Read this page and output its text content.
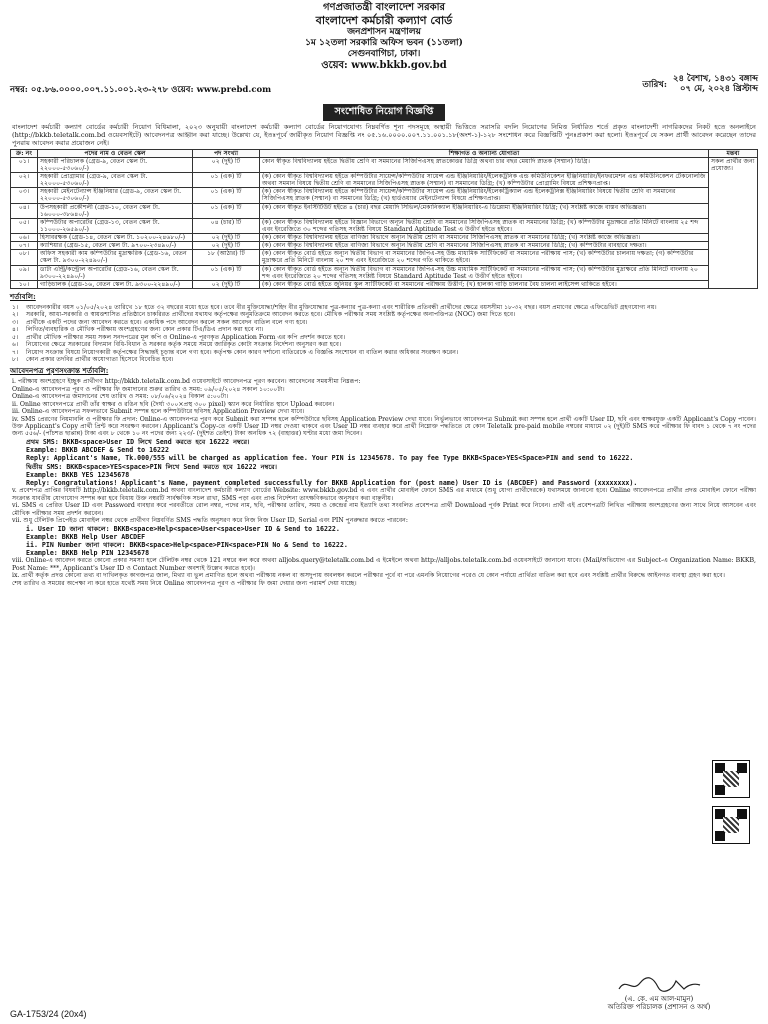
গণপ্রজাতন্ত্রী বাংলাদেশ সরকার
বাংলাদেশ কর্মচারী কল্যাণ বোর্ড
জনপ্রশাসন মন্ত্রণালয়
১ম ১২তলা সরকারি অফিস ভবন (১১তলা)
সেগুনবাগিচা, ঢাকা।
ওয়েব: www.bkkb.gov.bd
নম্বর: ০৫.৮৬.০০০০.০০৭.১১.০০১.২৩-২৭৮ ওয়েব: www.prebd.com	তারিখ:
২৪ বৈশাখ, ১৪৩১ বঙ্গাব্দ
০৭ মে, ২০২৪ খ্রিস্টাব্দ
সংশোধিত নিয়োগ বিজ্ঞপ্তি
বাংলাদেশ কর্মচারী কল্যাণ বোর্ডের কর্মচারী নিয়োগ বিধিমালা, ২০২৩ অনুযায়ী বাংলাদেশ কর্মচারী কল্যাণ বোর্ডের নিয়োগযোগ্য নিম্নবর্ণিত শূন্য পদসমূহে অস্থায়ী ভিত্তিতে সরাসরি বদলি নিয়োগের নিমিত্ত নির্ধারিত শর্তে প্রকৃত বাংলাদেশী নাগরিকদের নিকট হতে অনলাইনে (http://bkkb.teletalk.com.bd ওয়েবসাইটে) আবেদনপত্র আহ্বান করা যাচ্ছে। উল্লেখ্য যে, ইতঃপূর্বে জারীকৃত নিয়োগ বিজ্ঞপ্তি নং ০৫.১৬.০০০০.০০৭.১১.০০১.১৮(অংশ-১)-১২৮ সংশোধন করে বিজ্ঞপ্তিটি পুনঃপ্রকাশ করা হলো। ইতঃপূর্বে যে সকল প্রার্থী আবেদন করেছেন তাদের পুনরায় আবেদন করার প্রয়োজন নেই।
ক্র: নং	পদের নাম ও বেতন স্কেল	পদ সংখ্যা	শিক্ষাগত ও অন্যান্য যোগ্যতা	মন্তব্য
০১।	সহকারী পরিচালক (গ্রেড-৯, বেতন স্কেল টা. ২২০০০-৫৩০৬০/-)	০২ (দুই) টি	কোন স্বীকৃত বিশ্ববিদ্যালয় হইতে দ্বিতীয় শ্রেণি বা সমমানের সিজিপিএসহ স্নাতকোত্তর ডিগ্রি অথবা চার বছর মেয়াদি স্নাতক (সম্মান) ডিগ্রি।	সকল প্রার্থীর জন্য প্রযোজ্য।
০২।	সহকারী প্রোগ্রামার (গ্রেড-৯, বেতন স্কেল টা. ২২০০০-৫৩০৬০/-)	০১ (এক) টি	(ক) কোন স্বীকৃত বিশ্ববিদ্যালয় হইতে কম্পিউটার সায়েন্স/কম্পিউটার সায়েন্স এন্ড ইঞ্জিনিয়ারিং/ইলেকট্রনিক এন্ড কমিউনিকেশন ইঞ্জিনিয়ারিং/ইনফরমেশন এন্ড কমিউনিকেশন টেকনোলজি অথবা সমমান বিষয়ে দ্বিতীয় শ্রেণি বা সমমানের সিজিপিএসহ স্নাতক (সম্মান) বা সমমানের ডিগ্রি; (খ) কম্পিউটার প্রোগ্রামিং বিষয়ে প্রশিক্ষণপ্রাপ্ত।	
০৩।	সহকারী মেইনটেন্যান্স ইঞ্জিনিয়ার (গ্রেড-৯, বেতন স্কেল টা. ২২০০০-৫৩০৬০/-)	০১ (এক) টি	(ক) কোন স্বীকৃত বিশ্ববিদ্যালয় হইতে কম্পিউটার সায়েন্স/কম্পিউটার সায়েন্স এন্ড ইঞ্জিনিয়ারিং/ইলেকট্রিক্যাল এন্ড ইলেকট্রনিক্স ইঞ্জিনিয়ারিং বিষয়ে দ্বিতীয় শ্রেণি বা সমমানের সিজিপিএসহ স্নাতক (সম্মান) বা সমমানের ডিগ্রি; (খ) হার্ডওয়্যার মেইনটেন্যান্স বিষয়ে প্রশিক্ষণপ্রাপ্ত।	
০৪।	উপসহকারী প্রকৌশলী (গ্রেড-১০, বেতন স্কেল টা. ১৬০০০-৩৮৬৪০/-)	০১ (এক) টি	(ক) কোন স্বীকৃত ইনস্টিটিউট হইতে ৪ (চার) বছর মেয়াদি সিভিল/মেকানিক্যাল ইঞ্জিনিয়ারিং-এ ডিপ্লোমা ইঞ্জিনিয়ারিং ডিগ্রি; (খ) সংশ্লিষ্ট কাজে বাস্তব অভিজ্ঞতা।	
০৫।	কম্পিউটার অপারেটর (গ্রেড-১৩, বেতন স্কেল টা. ১১০০০-২৬৫৯০/-)	০৪ (চার) টি	(ক) কোন স্বীকৃত বিশ্ববিদ্যালয় হইতে বিজ্ঞান বিভাগে অন্যূন দ্বিতীয় শ্রেণি বা সমমানের সিজিপিএসহ স্নাতক বা সমমানের ডিগ্রি; (খ) কম্পিউটার মুদ্রাক্ষরে প্রতি মিনিটে বাংলায় ২৫ শব্দ এবং ইংরেজিতে ৩০ শব্দের গতিসহ সংশ্লিষ্ট বিষয়ে Standard Aptitude Test এ উত্তীর্ণ হইতে হইবে।	
০৬।	হিসাবরক্ষক (গ্রেড-১৪, বেতন স্কেল টা. ১০২০০-২৪৬৮০/-)	০২ (দুই) টি	(ক) কোন স্বীকৃত বিশ্ববিদ্যালয় হইতে বাণিজ্য বিভাগে অন্যূন দ্বিতীয় শ্রেণি বা সমমানের সিজিপিএসহ স্নাতক বা সমমানের ডিগ্রি; (খ) সংশ্লিষ্ট কাজে অভিজ্ঞতা।	
০৭।	ক্যাশিয়ার (গ্রেড-১৫, বেতন স্কেল টা. ৯৭০০-২৩৪৯০/-)	০২ (দুই) টি	(ক) কোন স্বীকৃত বিশ্ববিদ্যালয় হইতে বাণিজ্য বিভাগে অন্যূন দ্বিতীয় শ্রেণি বা সমমানের সিজিপিএসহ স্নাতক বা সমমানের ডিগ্রি; (খ) কম্পিউটার ব্যবহারে দক্ষতা।	
০৮।	অফিস সহকারী কাম কম্পিউটার মুদ্রাক্ষরিক (গ্রেড-১৬, বেতন স্কেল টা. ৯৩০০-২২৪৯০/-)	১৮ (আঠার) টি	(ক) কোন স্বীকৃত বোর্ড হইতে অন্যূন দ্বিতীয় বিভাগ বা সমমানের জিপিএ-সহ উচ্চ মাধ্যমিক সার্টিফিকেট বা সমমানের পরীক্ষায় পাস; (খ) কম্পিউটার চালনায় দক্ষতা; (গ) কম্পিউটার মুদ্রাক্ষরে প্রতি মিনিটে বাংলায় ২০ শব্দ এবং ইংরেজিতে ২০ শব্দের গতি থাকিতে হইবে।	
০৯।	ডাটা এন্ট্রি/কন্ট্রোল অপারেটর (গ্রেড-১৬, বেতন স্কেল টা. ৯৩০০-২২৪৯০/-)	০১ (এক) টি	(ক) কোন স্বীকৃত বোর্ড হইতে অন্যূন দ্বিতীয় বিভাগ বা সমমানের জিপিএ-সহ উচ্চ মাধ্যমিক সার্টিফিকেট বা সমমানের পরীক্ষায় পাস; (খ) কম্পিউটার মুদ্রাক্ষরে প্রতি মিনিটে বাংলায় ২০ শব্দ এবং ইংরেজিতে ২০ শব্দের গতিসহ সংশ্লিষ্ট বিষয়ে Standard Aptitude Test এ উত্তীর্ণ হইতে হইবে।	
১০।	গাড়িচালক (গ্রেড-১৬, বেতন স্কেল টা. ৯৩০০-২২৪৯০/-)	০২ (দুই) টি	(ক) কোন স্বীকৃত বোর্ড হইতে জুনিয়র স্কুল সার্টিফিকেট বা সমমানের পরীক্ষায় উত্তীর্ণ; (খ) হালকা গাড়ি চালনার বৈধ চালনা লাইসেন্স থাকিতে হইবে।	
শর্তাবলি:
১।	আবেদনকারীর বয়স ০১/০৫/২০২৪ তারিখে ১৮ হতে ৩২ বছরের মধ্যে হতে হবে। তবে বীর মুক্তিযোদ্ধা/শহিদ বীর মুক্তিযোদ্ধার পুত্র-কন্যার পুত্র-কন্যা এবং শারীরিক প্রতিবন্ধী প্রার্থীদের ক্ষেত্রে বয়সসীমা ১৮-৩২ বছর। বয়স প্রমাণের ক্ষেত্রে এফিডেভিট গ্রহণযোগ্য নয়।
২।	সরকারি, আধা-সরকারি ও স্বায়ত্তশাসিত প্রতিষ্ঠানে চাকরিরত প্রার্থীদের যথাযথ কর্তৃপক্ষের অনুমতিক্রমে আবেদন করতে হবে। মৌখিক পরীক্ষার সময় সংশ্লিষ্ট কর্তৃপক্ষের অনাপত্তিপত্র (NOC) জমা দিতে হবে।
৩।	প্রার্থীকে একটি পদের জন্য আবেদন করতে হবে। একাধিক পদে আবেদন করলে সকল আবেদন বাতিল বলে গণ্য হবে।
৪।	লিখিত/ব্যবহারিক ও মৌখিক পরীক্ষায় অংশগ্রহণের জন্য কোন প্রকার টিএ/ডিএ প্রদান করা হবে না।
৫।	প্রার্থীর মৌখিক পরীক্ষার সময় সকল সনদপত্রের মূল কপি ও Online-এ পূরণকৃত Application Form এর কপি প্রদর্শন করতে হবে।
৬।	নিয়োগের ক্ষেত্রে সরকারের বিদ্যমান বিধি-বিধান ও সরকার কর্তৃক সময়ে সময়ে জারিকৃত কোটা সংক্রান্ত নির্দেশনা অনুসরণ করা হবে।
৭।	নিয়োগ সংক্রান্ত বিষয়ে নিয়োগকারী কর্তৃপক্ষের সিদ্ধান্তই চূড়ান্ত বলে গণ্য হবে। কর্তৃপক্ষ কোন কারণ দর্শানো ব্যতিরেকে এ বিজ্ঞপ্তি সংশোধন বা বাতিল করার অধিকার সংরক্ষণ করেন।
৮।	কোন প্রকার তদবির প্রার্থীর অযোগ্যতা হিসেবে বিবেচিত হবে।
আবেদনপত্র পূরণসংক্রান্ত শর্তাবলি:
i. পরীক্ষায় অংশগ্রহণে ইচ্ছুক প্রার্থীগণ http://bkkb.teletalk.com.bd ওয়েবসাইটে আবেদনপত্র পূরণ করবেন। আবেদনের সময়সীমা নিম্নরূপ:
Online-এ আবেদনপত্র পূরণ ও পরীক্ষার ফি জমাদানের শুরুর তারিখ ও সময়: ০৯/০৫/২০২৪ সকাল ১০:০০টা।
Online-এ আবেদনপত্র জমাদানের শেষ তারিখ ও সময়: ০৮/০৬/২০২৪ বিকাল ৫:০০টা।
ii. Online আবেদনপত্রে প্রার্থী তাঁর স্বাক্ষর ও রঙিন ছবি (দৈর্ঘ্য ৩০০×প্রস্থ ৩০০ pixel) স্ক্যান করে নির্ধারিত স্থানে Upload করবেন।
iii. Online-এ আবেদনপত্র সফলভাবে Submit সম্পন্ন হলে কম্পিউটারে ছবিসহ Application Preview দেখা যাবে।
iv. SMS প্রেরণের নিয়মাবলি ও পরীক্ষার ফি প্রদান: Online-এ আবেদনপত্র পূরণ করে Submit করা সম্পন্ন হলে কম্পিউটারে ছবিসহ Application Preview দেখা যাবে। নির্ভুলভাবে আবেদনপত্র Submit করা সম্পন্ন হলে প্রার্থী একটি User ID, ছবি এবং স্বাক্ষরযুক্ত একটি Applicant's Copy পাবেন। উক্ত Applicant's Copy প্রার্থী প্রিন্ট করে সংরক্ষণ করবেন। Applicant's Copy-তে একটি User ID নম্বর দেওয়া থাকবে এবং User ID নম্বর ব্যবহার করে প্রার্থী নিম্নোক্ত পদ্ধতিতে যে কোন Teletalk pre-paid mobile নম্বরের মাধ্যমে ০২ (দুই)টি SMS করে পরীক্ষার ফি বাবদ ১ থেকে ৭ নং পদের জন্য ৫৫৬/- (পাঁচশত ছাপ্পান্ন) টাকা এবং ৮ থেকে ১০ নং পদের জন্য ২২৩/- (দুইশত তেইশ) টাকা অনধিক ৭২ (বাহাত্তর) ঘণ্টার মধ্যে জমা দিবেন।
প্রথম SMS: BKKB<space>User ID লিখে Send করতে হবে 16222 নম্বরে।
Example: BKKB ABCDEF & Send to 16222
Reply: Applicant's Name, Tk.000/555 will be charged as application fee. Your PIN is 12345678. To pay fee Type BKKB<Space>YES<Space>PIN and send to 16222.
দ্বিতীয় SMS: BKKB<space>YES<space>PIN লিখে Send করতে হবে 16222 নম্বরে।
Example: BKKB YES 12345678
Reply: Congratulations! Applicant's Name, payment completed successfully for BKKB Application for (post name) User ID is (ABCDEF) and Password (xxxxxxxx).
v. প্রবেশপত্র প্রাপ্তির বিষয়টি http://bkkb.teletalk.com.bd অথবা বাংলাদেশ কর্মচারী কল্যাণ বোর্ডের Website: www.bkkb.gov.bd এ এবং প্রার্থীর মোবাইল ফোনে SMS এর মাধ্যমে (শুধু যোগ্য প্রার্থীদেরকে) যথাসময়ে জানানো হবে। Online আবেদনপত্রে প্রার্থীর প্রদত্ত মোবাইল ফোনে পরীক্ষা সংক্রান্ত যাবতীয় যোগাযোগ সম্পন্ন করা হবে বিধায় উক্ত নম্বরটি সার্বক্ষণিক সচল রাখা, SMS পড়া এবং প্রাপ্ত নির্দেশনা তাৎক্ষণিকভাবে অনুসরণ করা বাঞ্ছনীয়।
vi. SMS এ প্রেরিত User ID এবং Password ব্যবহার করে পরবর্তীতে রোল নম্বর, পদের নাম, ছবি, পরীক্ষার তারিখ, সময় ও কেন্দ্রের নাম ইত্যাদি তথ্য সংবলিত প্রবেশপত্র প্রার্থী Download পূর্বক Print করে নিবেন। প্রার্থী এই প্রবেশপত্রটি লিখিত পরীক্ষায় অংশগ্রহণের জন্য সাথে নিয়ে আসবেন এবং মৌখিক পরীক্ষার সময় প্রদর্শন করবেন।
vii. শুধু টেলিটক প্রিপেইড মোবাইল নম্বর থেকে প্রার্থীগণ নিম্নবর্ণিত SMS পদ্ধতি অনুসরণ করে নিজ নিজ User ID, Serial এবং PIN পুনরুদ্ধার করতে পারবেন:
i. User ID জানা থাকলে: BKKB<space>Help<space>User<space>User ID & Send to 16222.
Example: BKKB Help User ABCDEF
ii. PIN Number জানা থাকলে: BKKB<space>Help<space>PIN<space>PIN No & Send to 16222.
Example: BKKB Help PIN 12345678
viii. Online-এ আবেদন করতে কোনো প্রকার সমস্যা হলে টেলিটক নম্বর থেকে 121 নম্বরে কল করে অথবা alljobs.query@teletalk.com.bd এ ইমেইলে অথবা http://alljobs.teletalk.com.bd ওয়েবসাইটে জানানো যাবে। (Mail/অভিযোগ এর Subject-এ Organization Name: BKKB, Post Name: ***, Applicant's User ID ও Contact Number অবশ্যই উল্লেখ করতে হবে)।
ix. প্রার্থী কর্তৃক প্রদত্ত কোনো তথ্য বা দাখিলকৃত কাগজপত্র জাল, মিথ্যা বা ভুল প্রমাণিত হলে অথবা পরীক্ষায় নকল বা অসদুপায় অবলম্বন করলে পরীক্ষার পূর্বে বা পরে এমনকি নিয়োগের পরেও যে কোন পর্যায়ে প্রার্থিতা বাতিল করা হবে এবং সংশ্লিষ্ট প্রার্থীর বিরুদ্ধে আইনগত ব্যবস্থা গ্রহণ করা হবে।
শেষ তারিখ ও সময়ের অপেক্ষা না করে হাতে যথেষ্ট সময় নিয়ে Online আবেদনপত্র পূরণ ও পরীক্ষার ফি জমা দেয়ার জন্য পরামর্শ দেয়া যাচ্ছে।
GA-1753/24 (20x4)
(এ. কে. এম আল-মামুন)
অতিরিক্ত পরিচালক (প্রশাসন ও অর্থ)
